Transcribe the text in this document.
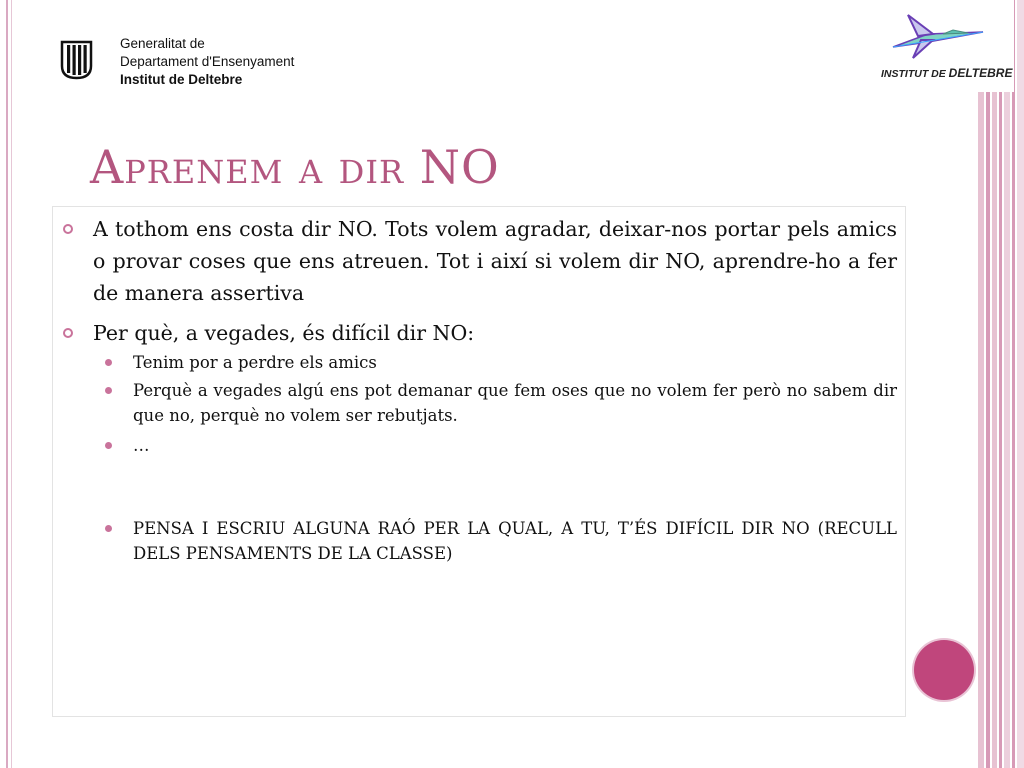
Generalitat de
Departament d'Ensenyament
Institut de Deltebre	INSTITUT DE DELTEBRE
Aprenem a dir NO
A tothom ens costa dir NO. Tots volem agradar, deixar-nos portar pels amics o provar coses que ens atreuen. Tot i així si volem dir NO, aprendre-ho a fer de manera assertiva
Per què, a vegades, és difícil dir NO:
Tenim por a perdre els amics
Perquè a vegades algú ens pot demanar que fem oses que no volem fer però no sabem dir que no, perquè no volem ser rebutjats.
…
PENSA I ESCRIU ALGUNA RAÓ PER LA QUAL, A TU, T’ÉS DIFÍCIL DIR NO (RECULL DELS PENSAMENTS DE LA CLASSE)
